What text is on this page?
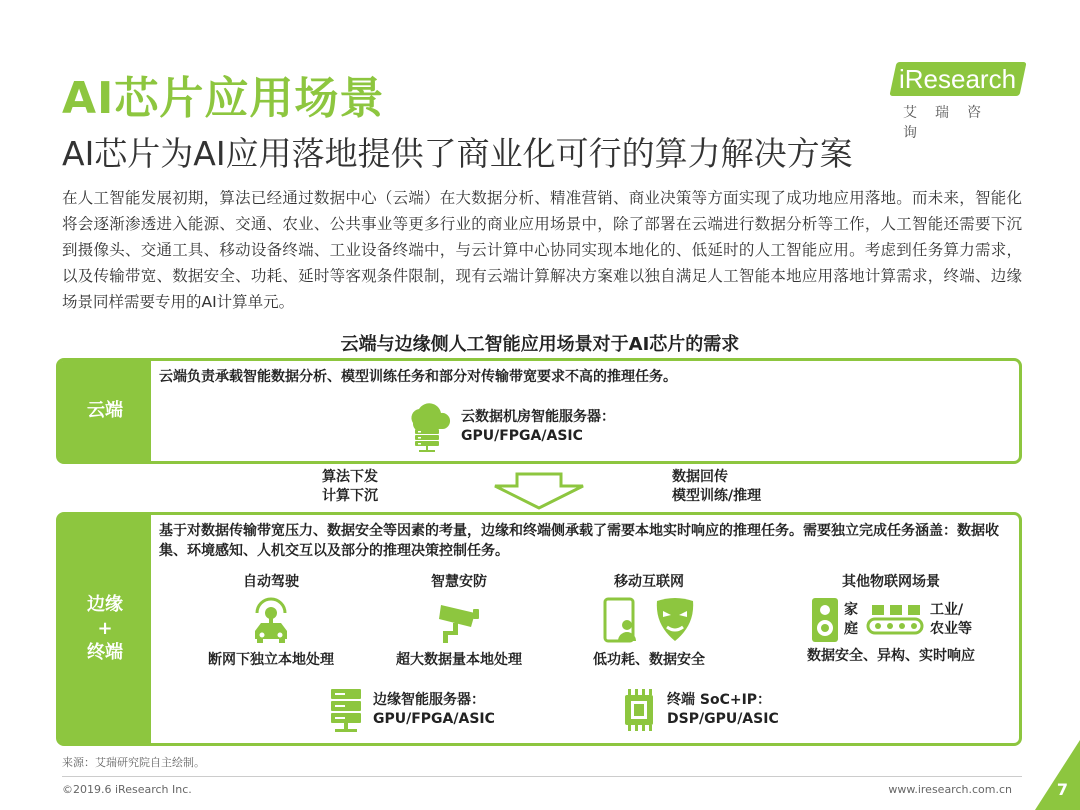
AI芯片应用场景
AI芯片为AI应用落地提供了商业化可行的算力解决方案
iResearch
艾瑞咨询
在人工智能发展初期，算法已经通过数据中心（云端）在大数据分析、精准营销、商业决策等方面实现了成功地应用落地。而未来，智能化将会逐渐渗透进入能源、交通、农业、公共事业等更多行业的商业应用场景中，除了部署在云端进行数据分析等工作，人工智能还需要下沉到摄像头、交通工具、移动设备终端、工业设备终端中，与云计算中心协同实现本地化的、低延时的人工智能应用。考虑到任务算力需求，以及传输带宽、数据安全、功耗、延时等客观条件限制，现有云端计算解决方案难以独自满足人工智能本地应用落地计算需求，终端、边缘场景同样需要专用的AI计算单元。
云端与边缘侧人工智能应用场景对于AI芯片的需求
云端
云端负责承载智能数据分析、模型训练任务和部分对传输带宽要求不高的推理任务。
云数据机房智能服务器：
GPU/FPGA/ASIC
算法下发
计算下沉
数据回传
模型训练/推理
边缘
+
终端
基于对数据传输带宽压力、数据安全等因素的考量，边缘和终端侧承载了需要本地实时响应的推理任务。需要独立完成任务涵盖：数据收集、环境感知、人机交互以及部分的推理决策控制任务。
自动驾驶
断网下独立本地处理
智慧安防
超大数据量本地处理
移动互联网

低功耗、数据安全
其他物联网场景
家
庭
工业/
农业等
数据安全、异构、实时响应
边缘智能服务器：
GPU/FPGA/ASIC
终端 SoC+IP：
DSP/GPU/ASIC
来源：艾瑞研究院自主绘制。
©2019.6 iResearch Inc.	www.iresearch.com.cn	7
